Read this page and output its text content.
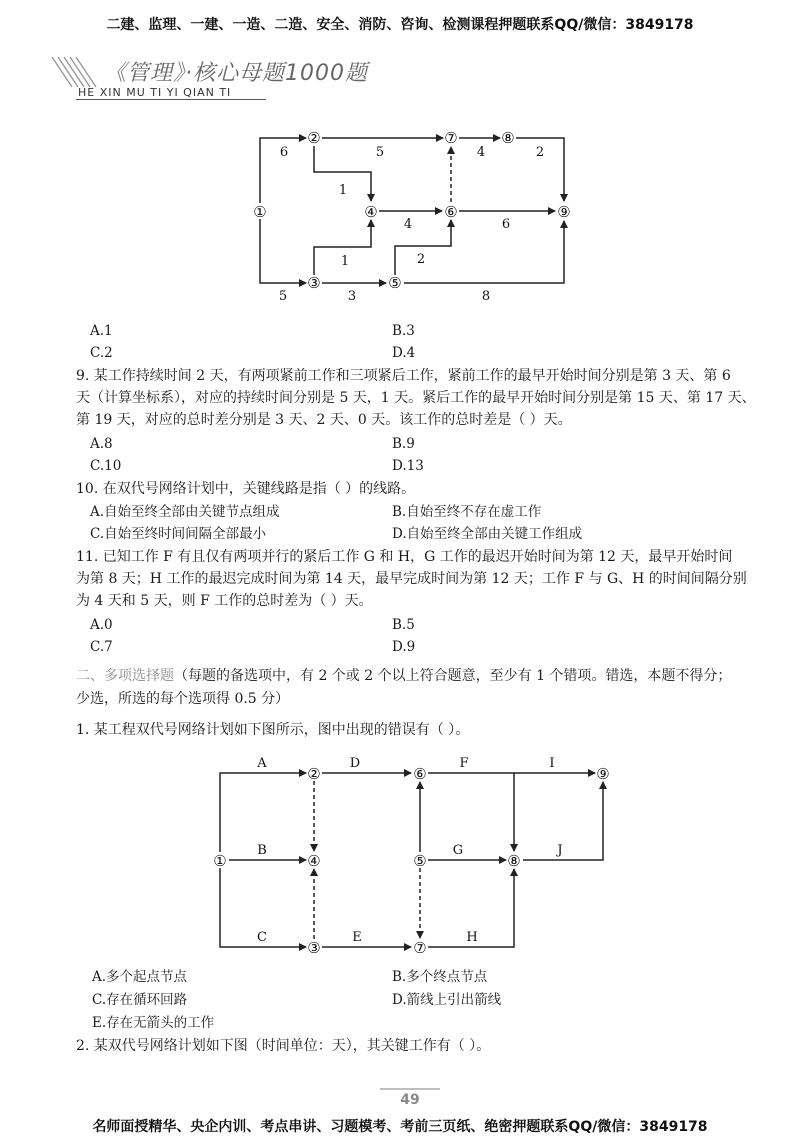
二建、监理、一建、一造、二造、安全、消防、咨询、检测课程押题联系QQ/微信：3849178
《管理》·核心母题1000题
HE XIN MU TI YI QIAN TI
①
②
③
④
⑤
⑥
⑦	⑧
⑨
6	5	4	2
1
4	6
1	2
5	3	8
A.1	B.3
C.2	D.4
9. 某工作持续时间 2 天，有两项紧前工作和三项紧后工作，紧前工作的最早开始时间分别是第 3 天、第 6
天（计算坐标系），对应的持续时间分别是 5 天，1 天。紧后工作的最早开始时间分别是第 15 天、第 17 天、
第 19 天，对应的总时差分别是 3 天、2 天、0 天。该工作的总时差是（ ）天。
A.8	B.9
C.10	D.13
10. 在双代号网络计划中，关键线路是指（ ）的线路。
A.自始至终全部由关键节点组成	B.自始至终不存在虚工作
C.自始至终时间间隔全部最小	D.自始至终全部由关键工作组成
11. 已知工作 F 有且仅有两项并行的紧后工作 G 和 H，G 工作的最迟开始时间为第 12 天，最早开始时间
为第 8 天；H 工作的最迟完成时间为第 14 天，最早完成时间为第 12 天；工作 F 与 G、H 的时间间隔分别
为 4 天和 5 天，则 F 工作的总时差为（ ）天。
A.0	B.5
C.7	D.9
二、多项选择题（每题的备选项中，有 2 个或 2 个以上符合题意，至少有 1 个错项。错选，本题不得分；
少选，所选的每个选项得 0.5 分）
1. 某工程双代号网络计划如下图所示，图中出现的错误有（ ）。
①
②
③
④	⑤
⑥
⑦
⑧
⑨
A	D	F	I
B	G	J
C	E	H
A.多个起点节点	B.多个终点节点
C.存在循环回路	D.箭线上引出箭线
E.存在无箭头的工作
2. 某双代号网络计划如下图（时间单位：天），其关键工作有（ ）。
49
名师面授精华、央企内训、考点串讲、习题模考、考前三页纸、绝密押题联系QQ/微信：3849178
